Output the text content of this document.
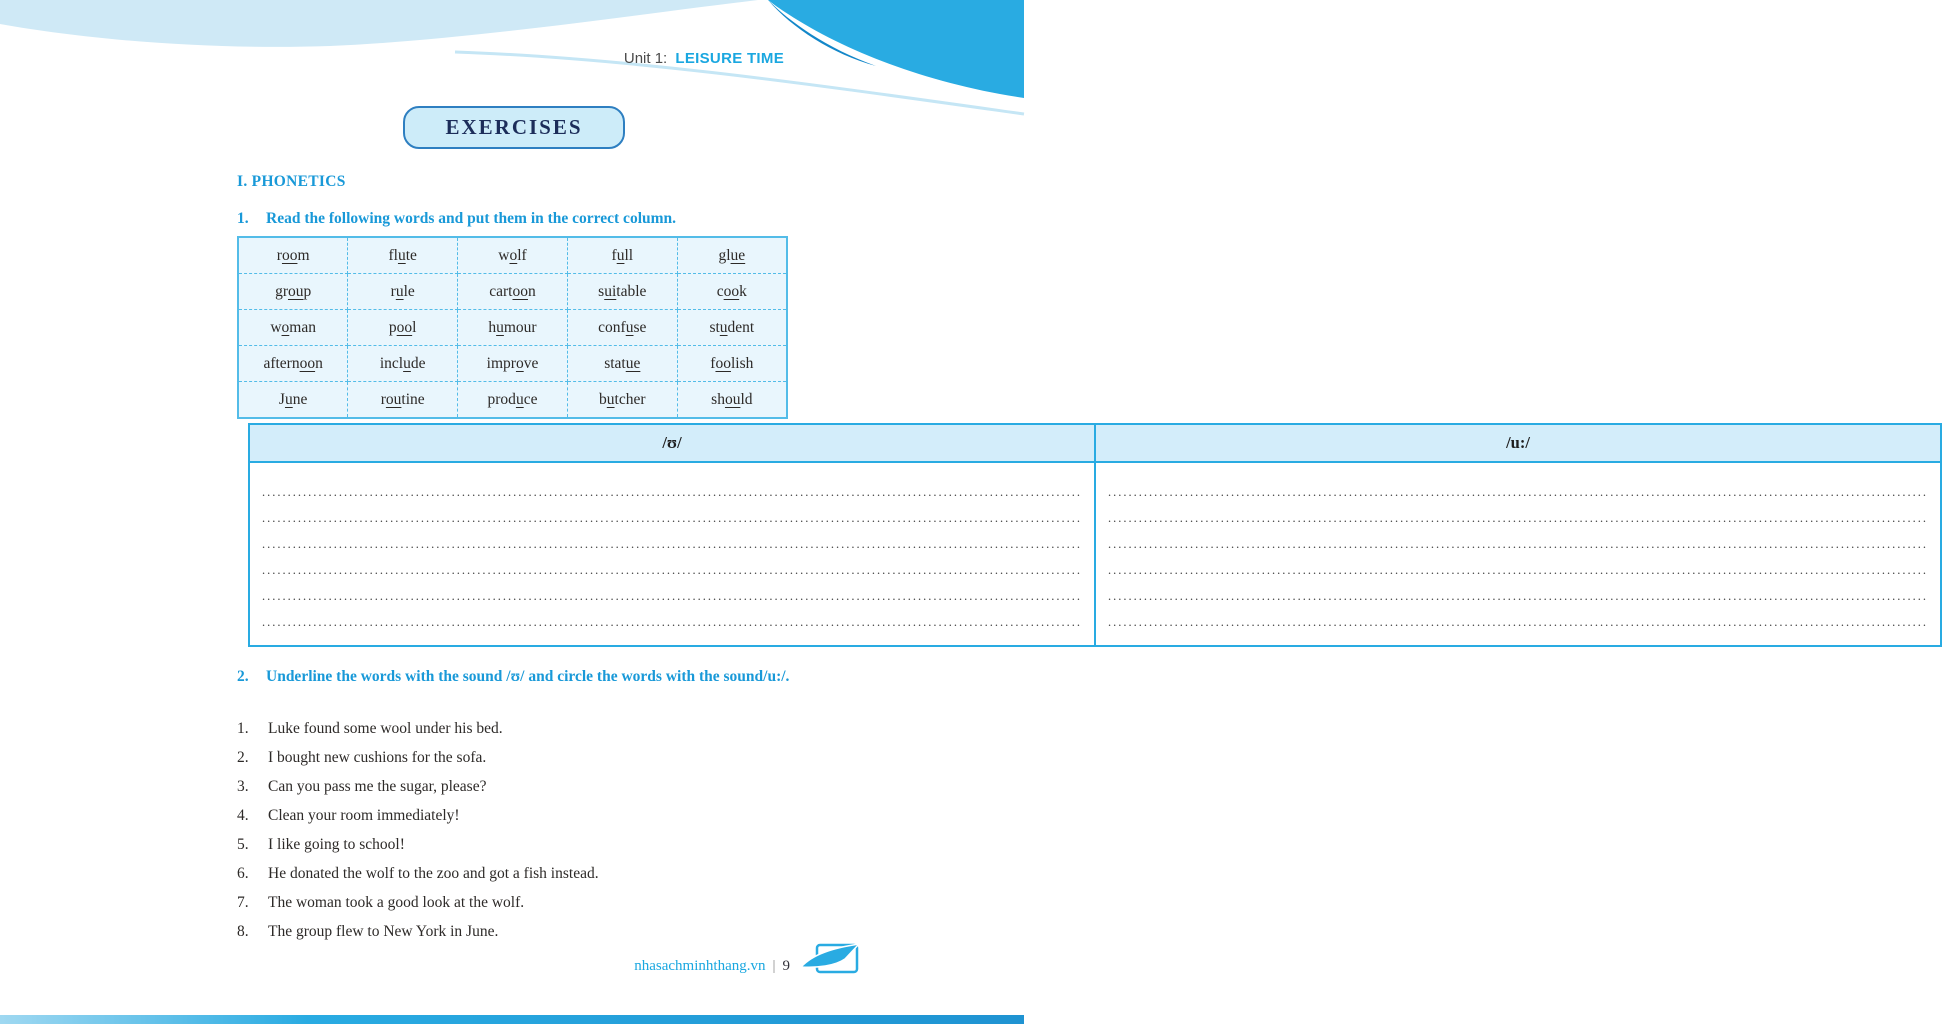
Unit 1: LEISURE TIME
EXERCISES
I. PHONETICS
1.	Read the following words and put them in the correct column.
room	flute	wolf	full	glue
group	rule	cartoon	suitable	cook
woman	pool	humour	confuse	student
afternoon	include	improve	statue	foolish
June	routine	produce	butcher	should
/ʊ/	/u:/

................................................................................................................................................................
................................................................................................................................................................
................................................................................................................................................................
................................................................................................................................................................
................................................................................................................................................................
................................................................................................................................................................

................................................................................................................................................................
................................................................................................................................................................
................................................................................................................................................................
................................................................................................................................................................
................................................................................................................................................................
................................................................................................................................................................
2.	Underline the words with the sound /ʊ/ and circle the words with the sound/u:/.
1.	Luke found some wool under his bed.
2.	I bought new cushions for the sofa.
3.	Can you pass me the sugar, please?
4.	Clean your room immediately!
5.	I like going to school!
6.	He donated the wolf to the zoo and got a fish instead.
7.	The woman took a good look at the wolf.
8.	The group flew to New York in June.
nhasachminhthang.vn | 9
